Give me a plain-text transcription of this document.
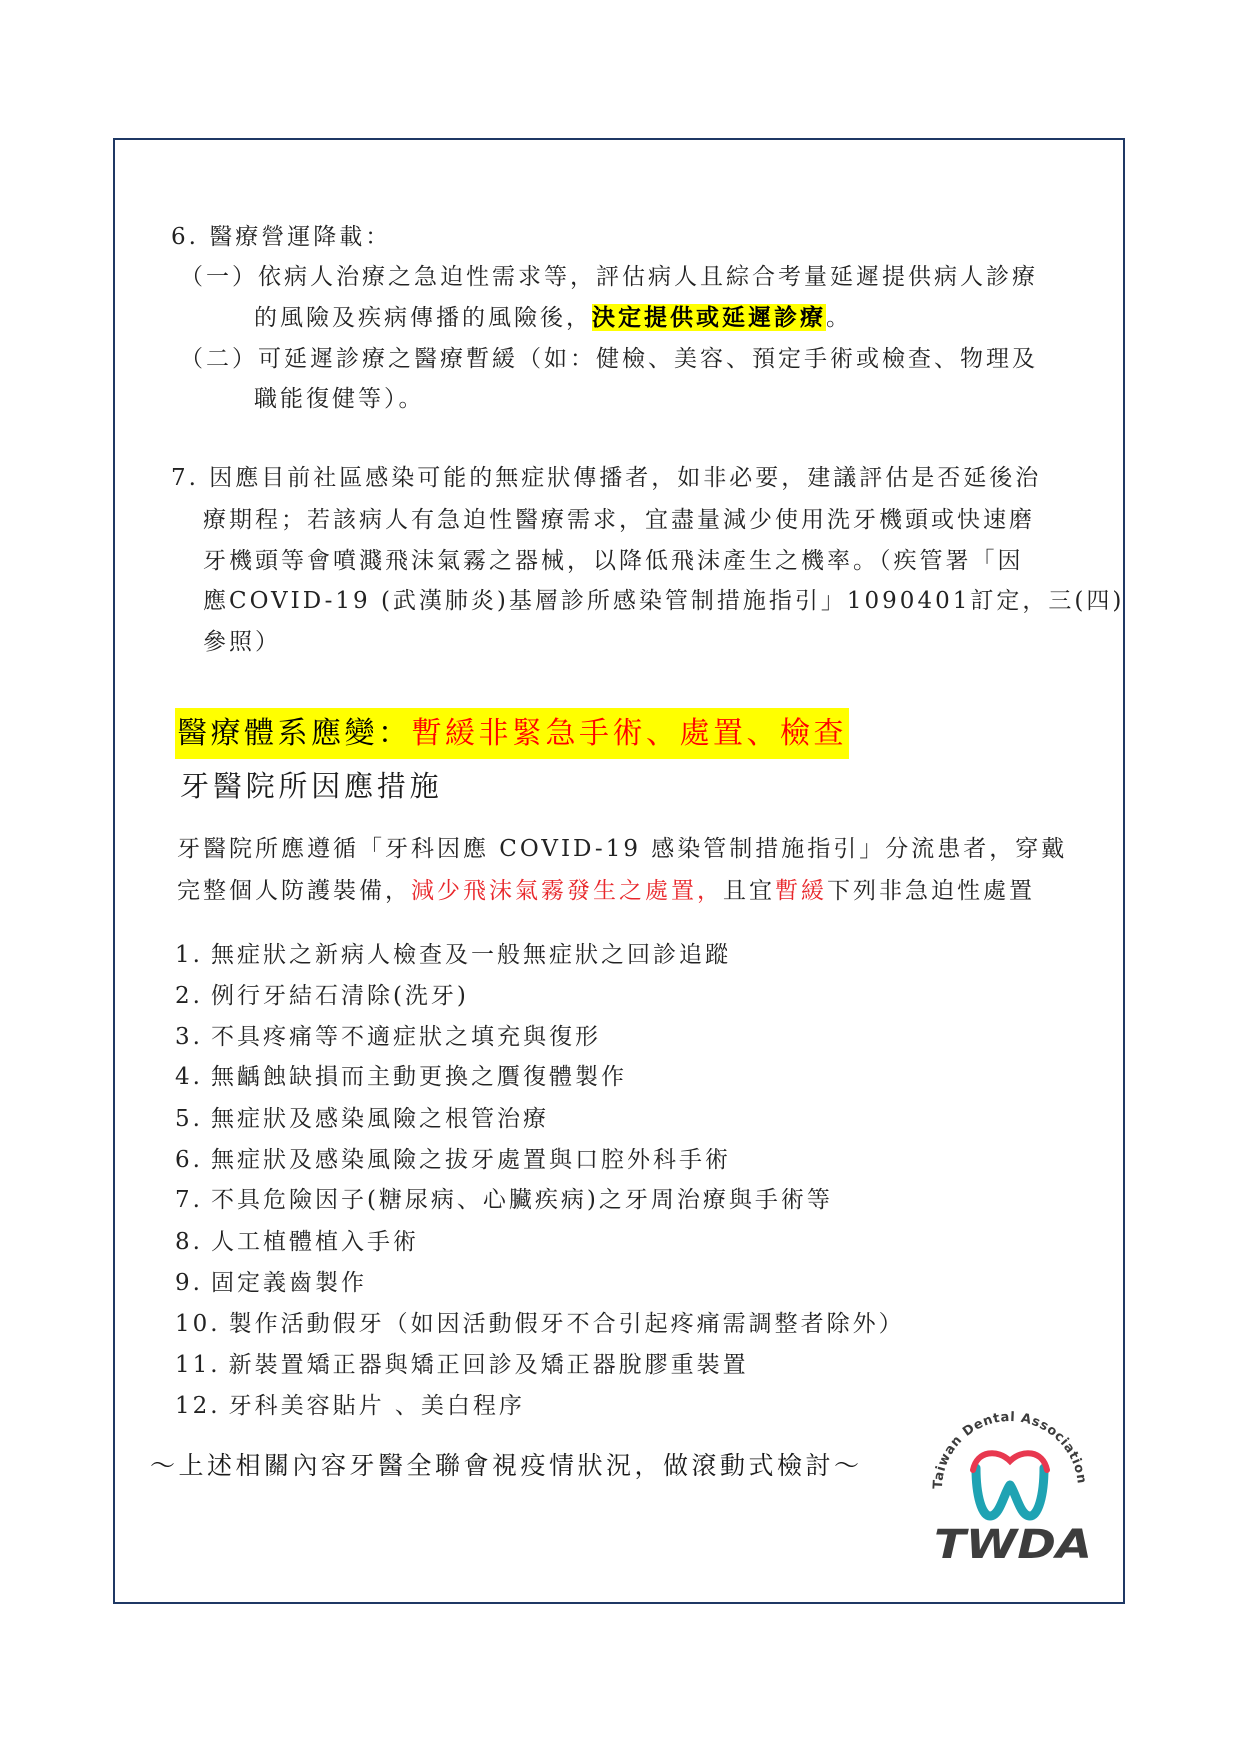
6. 醫療營運降載：
（一）依病人治療之急迫性需求等，評估病人且綜合考量延遲提供病人診療
的風險及疾病傳播的風險後，決定提供或延遲診療。
（二）可延遲診療之醫療暫緩（如：健檢、美容、預定手術或檢查、物理及
職能復健等）。
7. 因應目前社區感染可能的無症狀傳播者，如非必要，建議評估是否延後治
療期程；若該病人有急迫性醫療需求，宜盡量減少使用洗牙機頭或快速磨
牙機頭等會噴濺飛沫氣霧之器械，以降低飛沫產生之機率。（疾管署「因
應COVID-19 (武漢肺炎)基層診所感染管制措施指引」1090401訂定，三(四)
參照）
醫療體系應變：暫緩非緊急手術、處置、檢查
牙醫院所因應措施
牙醫院所應遵循「牙科因應 COVID-19 感染管制措施指引」分流患者，穿戴
完整個人防護裝備，減少飛沫氣霧發生之處置，且宜暫緩下列非急迫性處置
1. 無症狀之新病人檢查及一般無症狀之回診追蹤
2. 例行牙結石清除(洗牙)
3. 不具疼痛等不適症狀之填充與復形
4. 無齲蝕缺損而主動更換之贋復體製作
5. 無症狀及感染風險之根管治療
6. 無症狀及感染風險之拔牙處置與口腔外科手術
7. 不具危險因子(糖尿病、心臟疾病)之牙周治療與手術等
8. 人工植體植入手術
9. 固定義齒製作
10. 製作活動假牙（如因活動假牙不合引起疼痛需調整者除外）
11. 新裝置矯正器與矯正回診及矯正器脫膠重裝置
12. 牙科美容貼片 、美白程序
～上述相關內容牙醫全聯會視疫情狀況，做滾動式檢討～
Taiwan Dental Association
TWDA
